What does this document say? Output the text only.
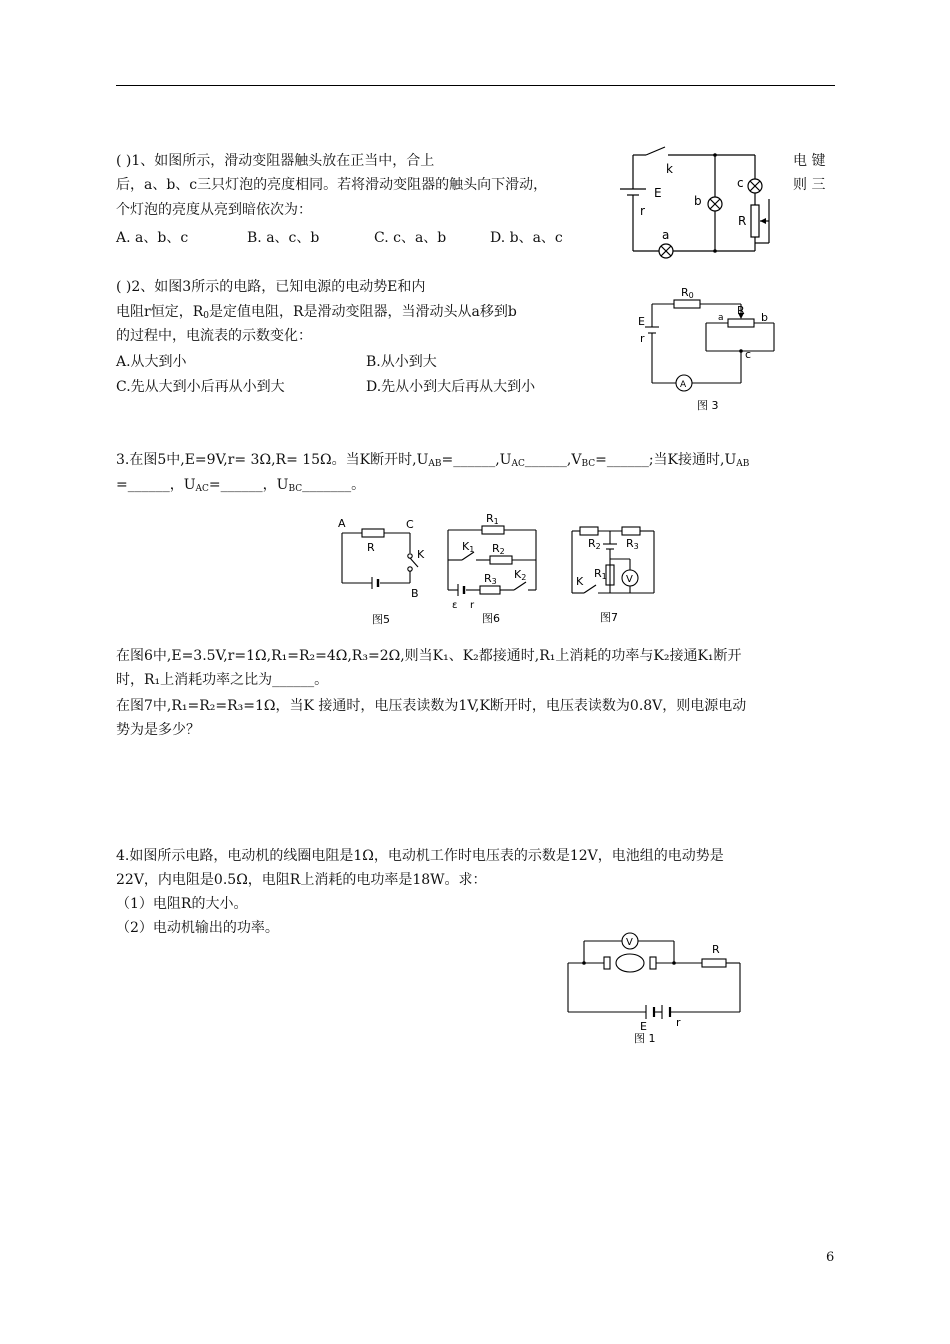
( )1、如图所示，滑动变阻器触头放在正当中，合上	电 键
后，a、b、c三只灯泡的亮度相同。若将滑动变阻器的触头向下滑动，	则 三
个灯泡的亮度从亮到暗依次为：
A. a、b、c	B. a、c、b	C. c、a、b	D. b、a、c
k
E
r
b
c
R
a
( )2、如图3所示的电路，已知电源的电动势E和内
电阻r恒定，$R_0$是定值电阻，R是滑动变阻器，当滑动头从a移到b
的过程中，电流表的示数变化：
A.从大到小	B.从小到大
C.先从大到小后再从小到大	D.先从小到大后再从大到小
R0
R
a	b
c
E
r
A
图 3
3.在图5中,E=9V,r= 3Ω,R= 15Ω。当K断开时$,U_{AB}=\_\_\_\_\_\_,U_{AC}\_\_\_\_\_\_,V_{BC}=\_\_\_\_\_\_$;当K接通时$,U_{AB}$
=______，$U_{AC}=\_\_\_\_\_\_$，$U_{BC}\_\_\_\_\_\_\_$。
A	C
R
K
B
图5
R1
K1 R2
R3
K2
ε r
图6
R2 R3
R1 V
K
图7
在图6中,E=3.5V,r=1Ω,R₁=R₂=4Ω,R₃=2Ω,则当K₁、K₂都接通时,R₁上消耗的功率与K₂接通K₁断开
时，R₁上消耗功率之比为______。
在图7中,R₁=R₂=R₃=1Ω，当K 接通时，电压表读数为1V,K断开时，电压表读数为0.8V，则电源电动
势为是多少？
4.如图所示电路，电动机的线圈电阻是1Ω，电动机工作时电压表的示数是12V，电池组的电动势是
22V，内电阻是0.5Ω，电阻R上消耗的电功率是18W。求：
（1）电阻R的大小。
（2）电动机输出的功率。
V
R
E	r
图 1
6
